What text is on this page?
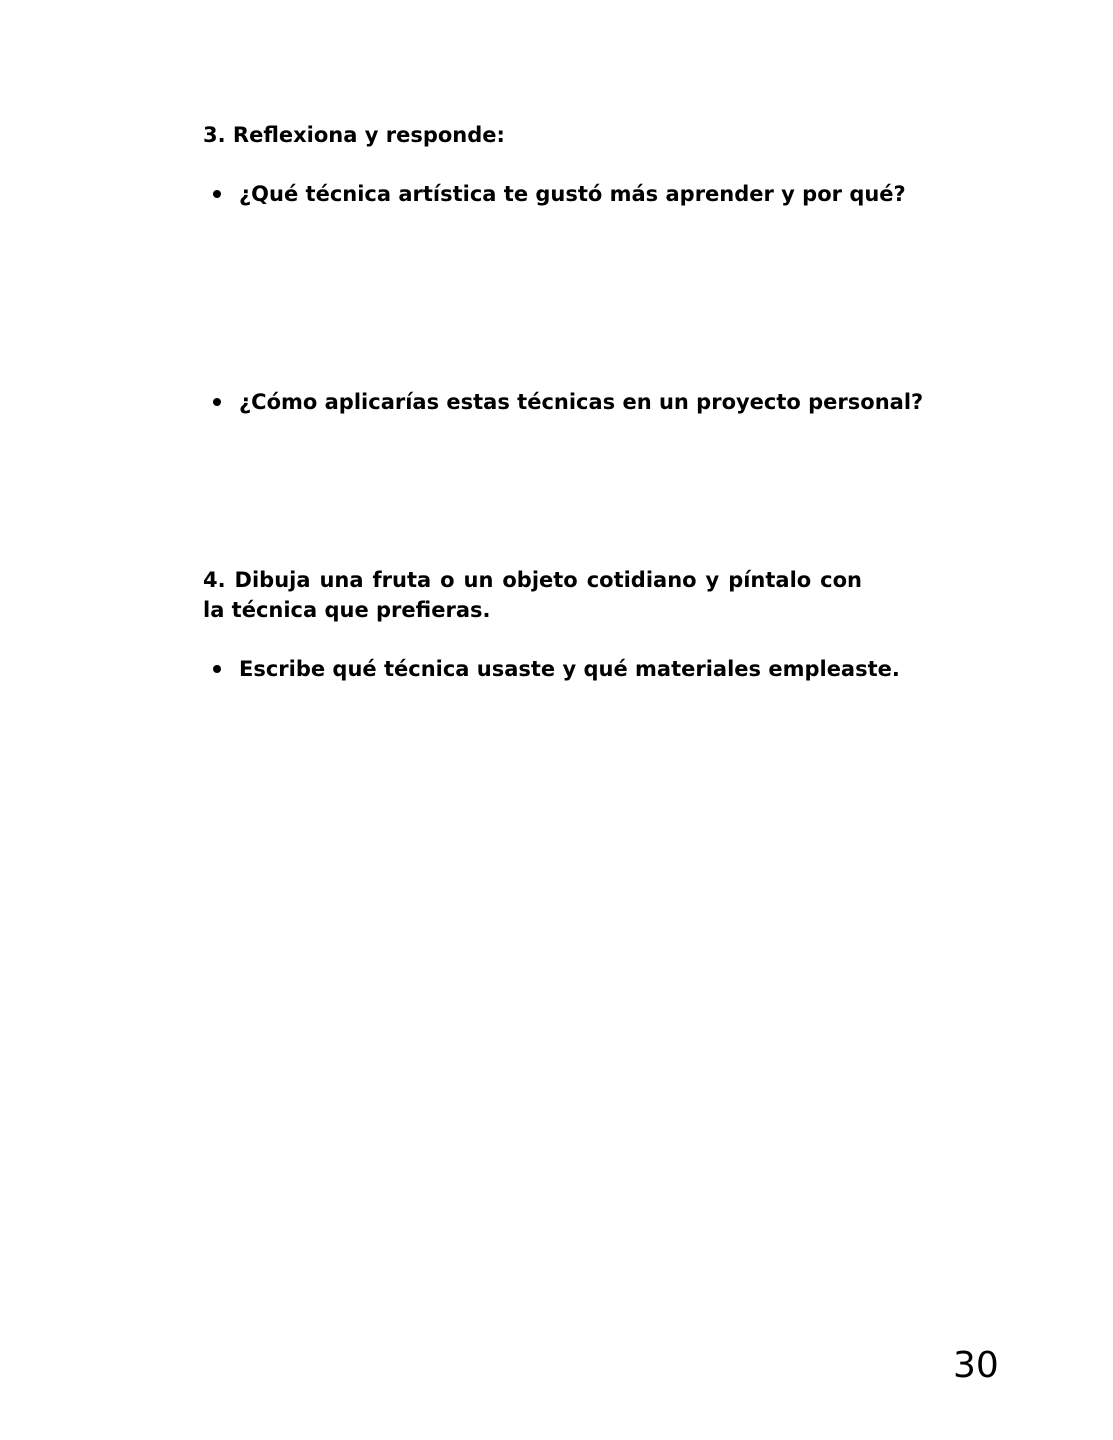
3. Reflexiona y responde:

¿Qué técnica artística te gustó más aprender y por qué?
¿Cómo aplicarías estas técnicas en un proyecto personal?

4. Dibuja una fruta o un objeto cotidiano y píntalo con la técnica que prefieras.

Escribe qué técnica usaste y qué materiales empleaste.
30
